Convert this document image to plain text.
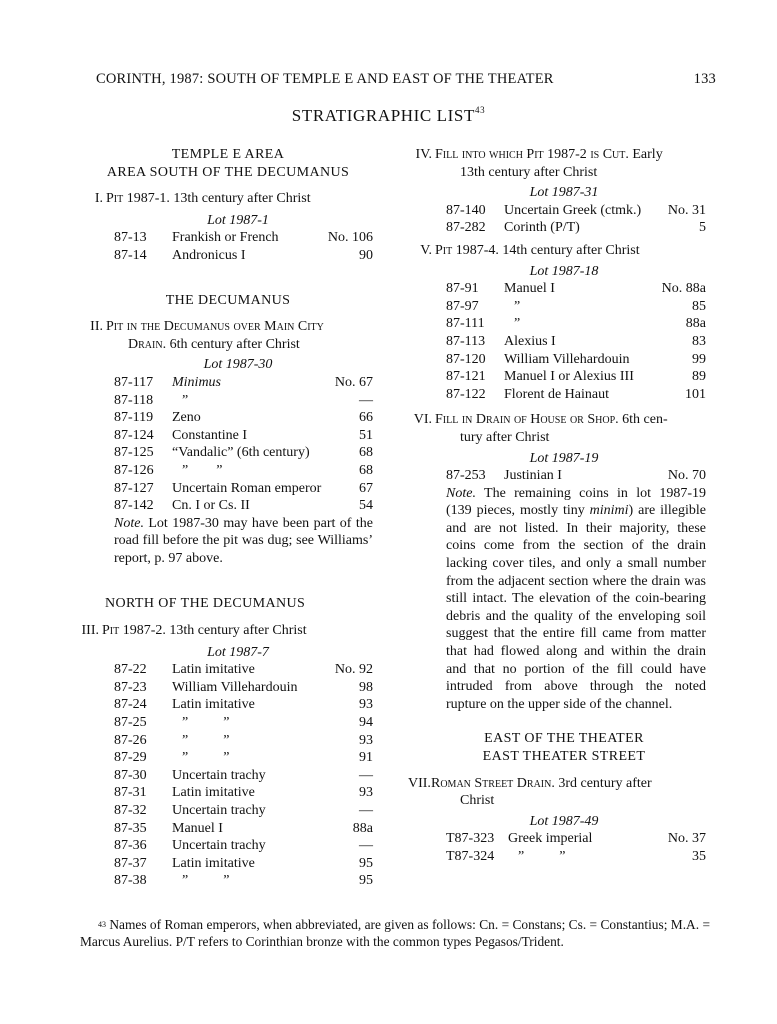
CORINTH, 1987: SOUTH OF TEMPLE E AND EAST OF THE THEATER	133
STRATIGRAPHIC LIST$^{43}$
TEMPLE E AREA
AREA SOUTH OF THE DECUMANUS
I. Pit 1987-1. 13th century after Christ
Lot 1987-1
87-13	Frankish or French	No. 106
87-14	Andronicus I	90
THE DECUMANUS
II. Pit in the Decumanus over Main City
Drain. 6th century after Christ
Lot 1987-30
87-117	Minimus	No. 67
87-118	”	—
87-119	Zeno	66
87-124	Constantine I	51
87-125	“Vandalic” (6th century)	68
87-126	”        ”	68
87-127	Uncertain Roman emperor	67
87-142	Cn. I or Cs. II	54
Note. Lot 1987-30 may have been part of the road fill before the pit was dug; see Williams’ report, p. 97 above.
NORTH OF THE DECUMANUS
III. Pit 1987-2. 13th century after Christ
Lot 1987-7
87-22	Latin imitative	No. 92
87-23	William Villehardouin	98
87-24	Latin imitative	93
87-25	”          ”	94
87-26	”          ”	93
87-29	”          ”	91
87-30	Uncertain trachy	—
87-31	Latin imitative	93
87-32	Uncertain trachy	—
87-35	Manuel I	88a
87-36	Uncertain trachy	—
87-37	Latin imitative	95
87-38	”          ”	95
IV. Fill into which Pit 1987-2 is Cut. Early
13th century after Christ
Lot 1987-31
87-140	Uncertain Greek (ctmk.)	No. 31
87-282	Corinth (P/T)	5
V. Pit 1987-4. 14th century after Christ
Lot 1987-18
87-91	Manuel I	No. 88a
87-97	”	85
87-111	”	88a
87-113	Alexius I	83
87-120	William Villehardouin	99
87-121	Manuel I or Alexius III	89
87-122	Florent de Hainaut	101
VI. Fill in Drain of House or Shop. 6th cen-
tury after Christ
Lot 1987-19
87-253	Justinian I	No. 70
Note. The remaining coins in lot 1987-19 (139 pieces, mostly tiny minimi) are illegible and are not listed. In their majority, these coins come from the section of the drain lacking cover tiles, and only a small number from the adjacent section where the drain was still intact. The elevation of the coin-bearing debris and the quality of the enveloping soil suggest that the entire fill came from matter that had flowed along and within the drain and that no portion of the fill could have intruded from above through the noted rupture on the upper side of the channel.
EAST OF THE THEATER
EAST THEATER STREET
VII. Roman Street Drain. 3rd century after
Christ
Lot 1987-49
T87-323 Greek imperial	No. 37
T87-324	”          ”	35
$^{43}$ Names of Roman emperors, when abbreviated, are given as follows: Cn. = Constans; Cs. = Constantius; M.A. = Marcus Aurelius. P/T refers to Corinthian bronze with the common types Pegasos/Trident.
